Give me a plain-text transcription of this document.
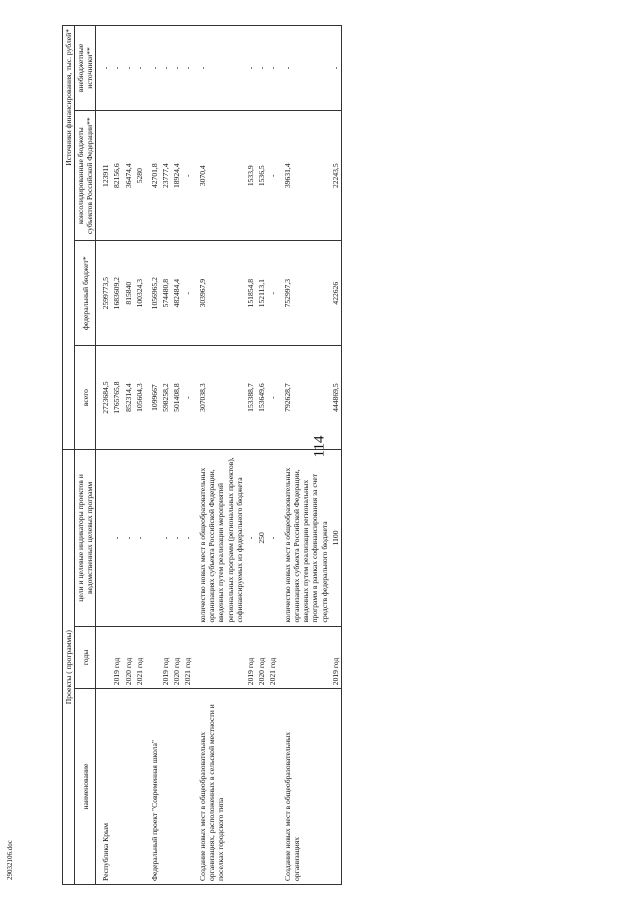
114
Проекты ( программы)			Источники финансирования, тыс. рублей*			
наименование	годы	цели и целевые индикаторы проектов и ведомственных целевых программ	всего	федеральный бюджет*	консолидированные бюджеты субъектов Российской Федерации**	внебюджетные источники**
Республика Крым			2723684,5	2599773,5	123911	-
	2019 год	-	1765765,8	1683609,2	82156,6	-
	2020 год	-	852314,4	815840	36474,4	-
	2021 год	-	105604,3	100324,3	5280	-
Федеральный проект "Современная школа"			1099667	1056965,2	42701,8	-
	2019 год	-	598258,2	574480,8	23777,4	-
	2020 год	-	501408,8	482484,4	18924,4	-
	2021 год	-	-	-	-	-
Создание новых мест в общеобразовательных организациях, расположенных в сельской местности и поселках городского типа		количество новых мест в общеобразовательных организациях субъекта Российской Федерации, введенных путем реализации мероприятий региональных программ (региональных проектов), софинансируемых из федерального бюджета	307038,3	303967,9	3070,4	-
	2019 год	-	153388,7	151854,8	1533,9	-
	2020 год	250	153649,6	152113,1	1536,5	-
	2021 год	-	-	-	-	-
Создание новых мест в общеобразовательных организациях		количество новых мест в общеобразовательных организациях субъекта Российской Федерации, введенных путем реализации региональных программ в рамках софинансирования за счет средств федерального бюджета	792628,7	752997,3	39631,4	-
	2019 год	1100	444869,5	422626	22243,5	-
29032106.doc
